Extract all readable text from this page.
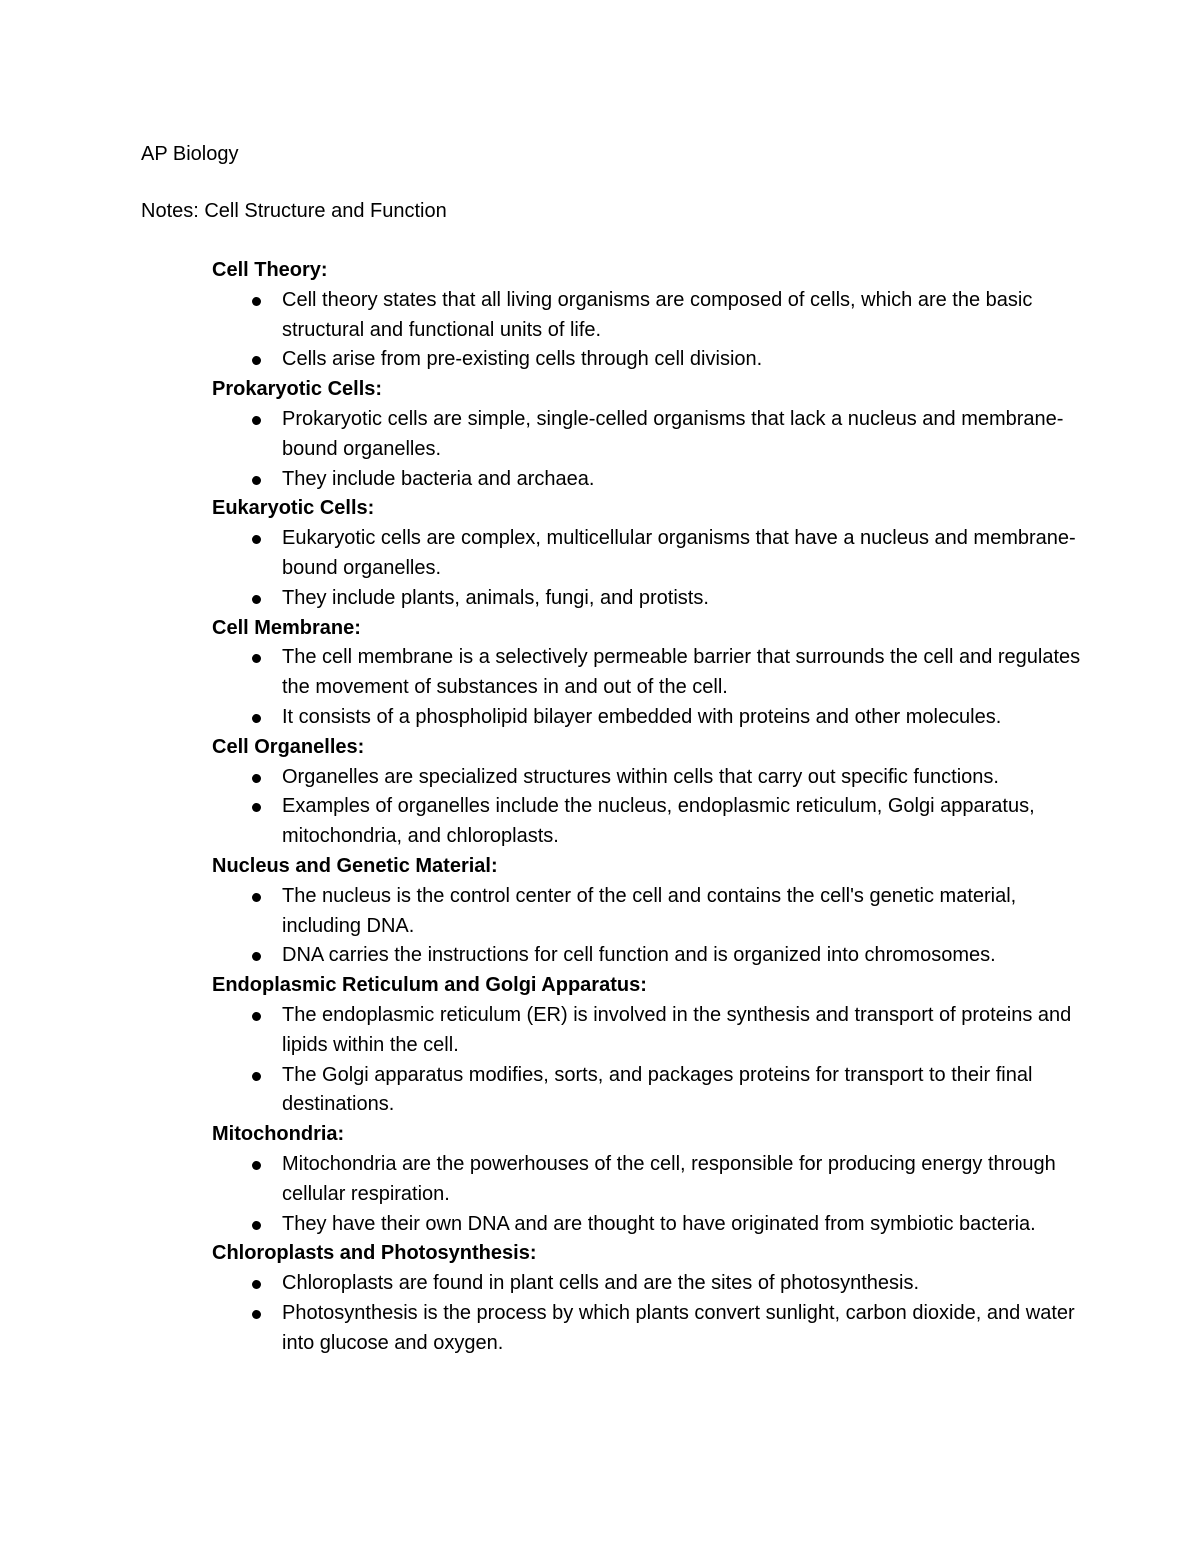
AP Biology
Notes: Cell Structure and Function
Cell Theory:
Cell theory states that all living organisms are composed of cells, which are the basic structural and functional units of life.
Cells arise from pre-existing cells through cell division.
Prokaryotic Cells:
Prokaryotic cells are simple, single-celled organisms that lack a nucleus and membrane-bound organelles.
They include bacteria and archaea.
Eukaryotic Cells:
Eukaryotic cells are complex, multicellular organisms that have a nucleus and membrane-bound organelles.
They include plants, animals, fungi, and protists.
Cell Membrane:
The cell membrane is a selectively permeable barrier that surrounds the cell and regulates the movement of substances in and out of the cell.
It consists of a phospholipid bilayer embedded with proteins and other molecules.
Cell Organelles:
Organelles are specialized structures within cells that carry out specific functions.
Examples of organelles include the nucleus, endoplasmic reticulum, Golgi apparatus, mitochondria, and chloroplasts.
Nucleus and Genetic Material:
The nucleus is the control center of the cell and contains the cell's genetic material, including DNA.
DNA carries the instructions for cell function and is organized into chromosomes.
Endoplasmic Reticulum and Golgi Apparatus:
The endoplasmic reticulum (ER) is involved in the synthesis and transport of proteins and lipids within the cell.
The Golgi apparatus modifies, sorts, and packages proteins for transport to their final destinations.
Mitochondria:
Mitochondria are the powerhouses of the cell, responsible for producing energy through cellular respiration.
They have their own DNA and are thought to have originated from symbiotic bacteria.
Chloroplasts and Photosynthesis:
Chloroplasts are found in plant cells and are the sites of photosynthesis.
Photosynthesis is the process by which plants convert sunlight, carbon dioxide, and water into glucose and oxygen.
